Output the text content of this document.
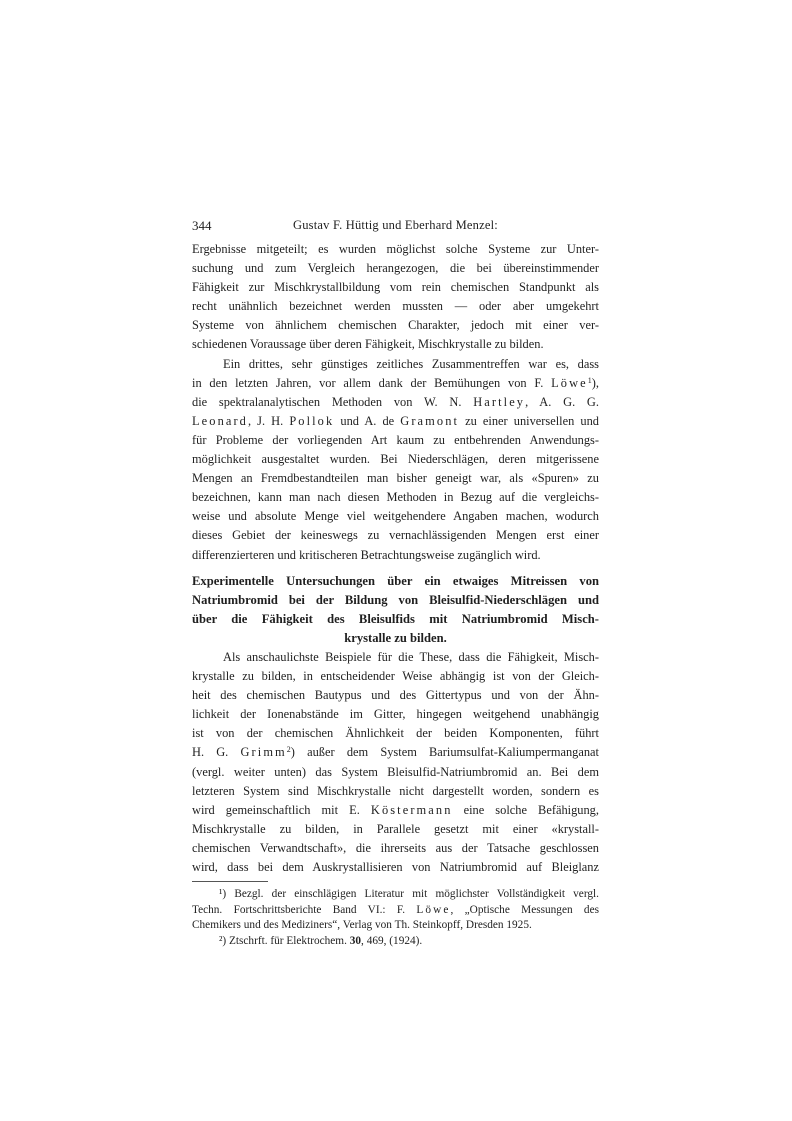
Gustav F. Hüttig und Eberhard Menzel:
344
Ergebnisse mitgeteilt; es wurden möglichst solche Systeme zur Unter-
suchung und zum Vergleich herangezogen, die bei übereinstimmender
Fähigkeit zur Mischkrystallbildung vom rein chemischen Standpunkt als
recht unähnlich bezeichnet werden mussten — oder aber umgekehrt
Systeme von ähnlichem chemischen Charakter, jedoch mit einer ver-
schiedenen Voraussage über deren Fähigkeit, Mischkrystalle zu bilden.
Ein drittes, sehr günstiges zeitliches Zusammentreffen war es, dass
in den letzten Jahren, vor allem dank der Bemühungen von F. Löwe$^1$),
die spektralanalytischen Methoden von W. N. Hartley, A. G. G.
Leonard, J. H. Pollok und A. de Gramont zu einer universellen und
für Probleme der vorliegenden Art kaum zu entbehrenden Anwendungs-
möglichkeit ausgestaltet wurden. Bei Niederschlägen, deren mitgerissene
Mengen an Fremdbestandteilen man bisher geneigt war, als «Spuren» zu
bezeichnen, kann man nach diesen Methoden in Bezug auf die vergleichs-
weise und absolute Menge viel weitgehendere Angaben machen, wodurch
dieses Gebiet der keineswegs zu vernachlässigenden Mengen erst einer
differenzierteren und kritischeren Betrachtungsweise zugänglich wird.
Experimentelle Untersuchungen über ein etwaiges Mitreissen von
Natriumbromid bei der Bildung von Bleisulfid-Niederschlägen und
über die Fähigkeit des Bleisulfids mit Natriumbromid Misch-
krystalle zu bilden.
Als anschaulichste Beispiele für die These, dass die Fähigkeit, Misch-
krystalle zu bilden, in entscheidender Weise abhängig ist von der Gleich-
heit des chemischen Bautypus und des Gittertypus und von der Ähn-
lichkeit der Ionenabstände im Gitter, hingegen weitgehend unabhängig
ist von der chemischen Ähnlichkeit der beiden Komponenten, führt
H. G. Grimm$^2$) außer dem System Bariumsulfat-Kaliumpermanganat
(vergl. weiter unten) das System Bleisulfid-Natriumbromid an. Bei dem
letzteren System sind Mischkrystalle nicht dargestellt worden, sondern es
wird gemeinschaftlich mit E. Köstermann eine solche Befähigung,
Mischkrystalle zu bilden, in Parallele gesetzt mit einer «krystall-
chemischen Verwandtschaft», die ihrerseits aus der Tatsache geschlossen
wird, dass bei dem Auskrystallisieren von Natriumbromid auf Bleiglanz
¹) Bezgl. der einschlägigen Literatur mit möglichster Vollständigkeit vergl.
Techn. Fortschrittsberichte Band VI.: F. Löwe, „Optische Messungen des
Chemikers und des Mediziners“, Verlag von Th. Steinkopff, Dresden 1925.
²) Ztschrft. für Elektrochem. 30, 469, (1924).
